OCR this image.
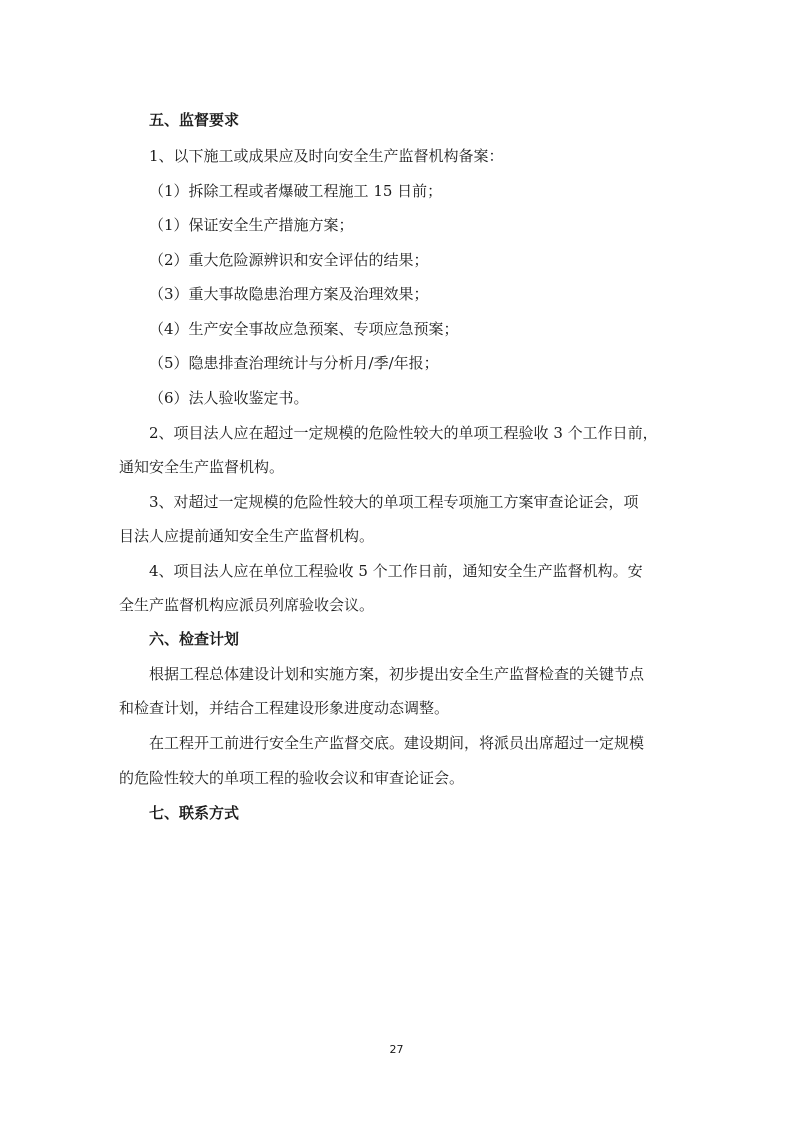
五、监督要求
1、以下施工或成果应及时向安全生产监督机构备案：
（1）拆除工程或者爆破工程施工 15 日前；
（1）保证安全生产措施方案；
（2）重大危险源辨识和安全评估的结果；
（3）重大事故隐患治理方案及治理效果；
（4）生产安全事故应急预案、专项应急预案；
（5）隐患排查治理统计与分析月/季/年报；
（6）法人验收鉴定书。
2、项目法人应在超过一定规模的危险性较大的单项工程验收 3 个工作日前，
通知安全生产监督机构。
3、对超过一定规模的危险性较大的单项工程专项施工方案审查论证会，项
目法人应提前通知安全生产监督机构。
4、项目法人应在单位工程验收 5 个工作日前，通知安全生产监督机构。安
全生产监督机构应派员列席验收会议。
六、检查计划
根据工程总体建设计划和实施方案，初步提出安全生产监督检查的关键节点
和检查计划，并结合工程建设形象进度动态调整。
在工程开工前进行安全生产监督交底。建设期间，将派员出席超过一定规模
的危险性较大的单项工程的验收会议和审查论证会。
七、联系方式
27
